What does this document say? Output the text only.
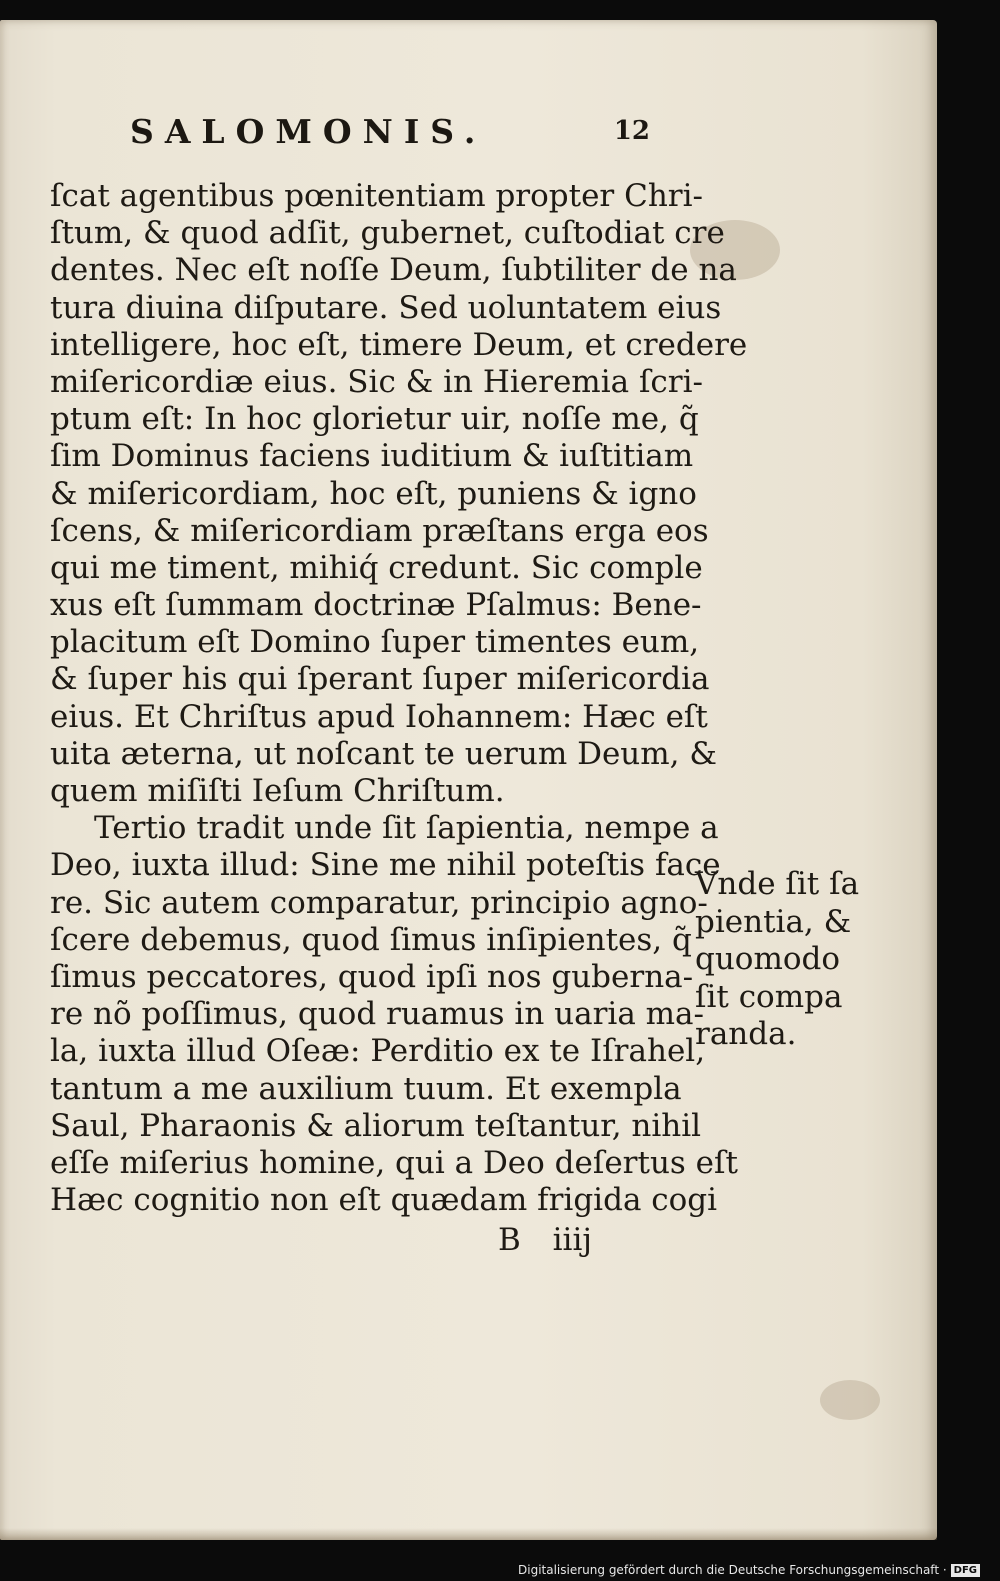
SALOMONIS.	12
ſcat agentibus pœnitentiam propter Chri-
ſtum, & quod adſit, gubernet, cuſtodiat cre
dentes. Nec eſt noſſe Deum, ſubtiliter de na
tura diuina diſputare. Sed uoluntatem eius
intelligere, hoc eſt, timere Deum, et credere
miſericordiæ eius. Sic & in Hieremia ſcri-
ptum eſt: In hoc glorietur uir, noſſe me, q̃
ſim Dominus faciens iuditium & iuſtitiam
& miſericordiam, hoc eſt, puniens & igno
ſcens, & miſericordiam præſtans erga eos
qui me timent, mihiq́ credunt. Sic comple
xus eſt ſummam doctrinæ Pſalmus: Bene-
placitum eſt Domino ſuper timentes eum,
& ſuper his qui ſperant ſuper miſericordia
eius. Et Chriſtus apud Iohannem: Hæc eſt
uita æterna, ut noſcant te uerum Deum, &
quem miſiſti Ieſum Chriſtum.
Tertio tradit unde ſit ſapientia, nempe a
Deo, iuxta illud: Sine me nihil poteſtis face
re. Sic autem comparatur, principio agno-
ſcere debemus, quod ſimus inſipientes, q̃
ſimus peccatores, quod ipſi nos guberna-
re nõ poſſimus, quod ruamus in uaria ma-
la, iuxta illud Oſeæ: Perditio ex te Iſrahel,
tantum a me auxilium tuum. Et exempla
Saul, Pharaonis & aliorum teſtantur, nihil
eſſe miſerius homine, qui a Deo deſertus eſt
Hæc cognitio non eſt quædam frigida cogi
Vnde ſit ſa
pientia, &
quomodo
ſit compa
randa.
B iiij
Digitalisierung gefördert durch die Deutsche Forschungsgemeinschaft · DFG
